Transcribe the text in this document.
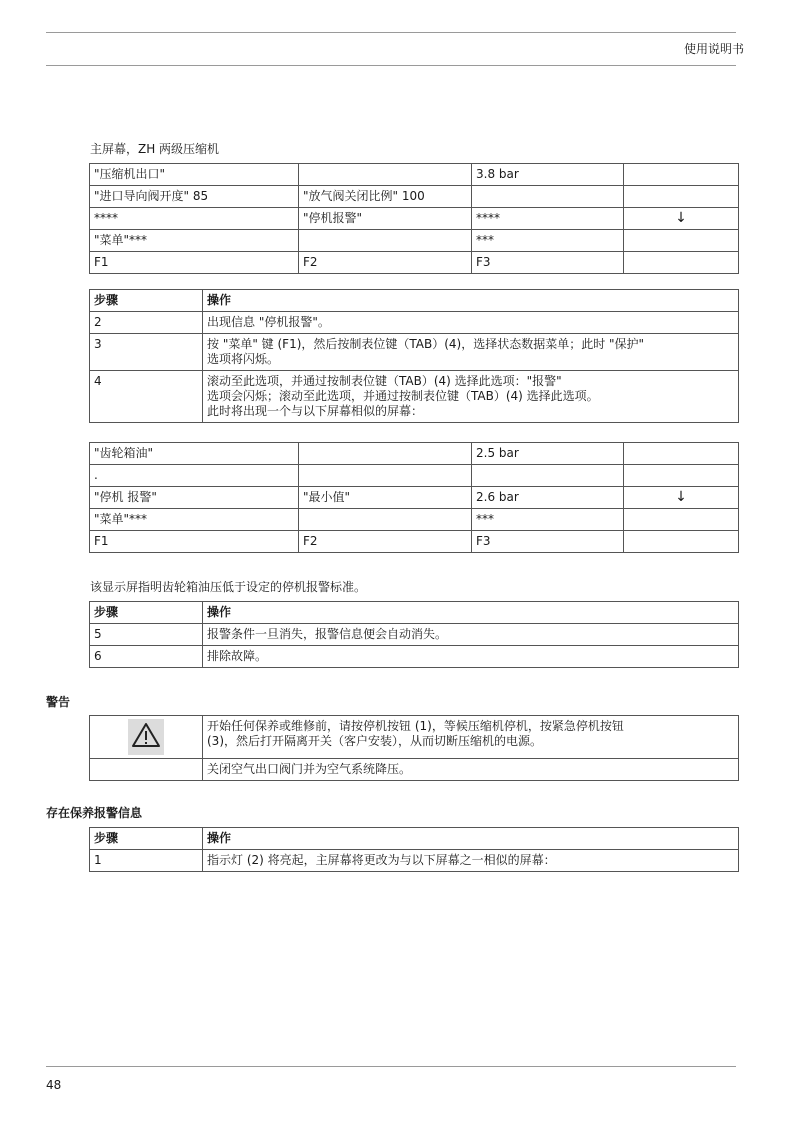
使用说明书
主屏幕，ZH 两级压缩机
"压缩机出口"		3.8 bar	
"进口导向阀开度" 85	"放气阀关闭比例" 100		
****	"停机报警"	****	↓

"菜单"***		***	
F1	F2	F3	
步骤	操作
2	出现信息 "停机报警"。

3	按 "菜单" 键 (F1)，然后按制表位键（TAB）(4)，选择状态数据菜单；此时 "保护"
选项将闪烁。

4	滚动至此选项，并通过按制表位键（TAB）(4) 选择此选项："报警"
选项会闪烁；滚动至此选项，并通过按制表位键（TAB）(4) 选择此选项。
此时将出现一个与以下屏幕相似的屏幕：
"齿轮箱油"		2.5 bar	
.			
"停机 报警"	"最小值"	2.6 bar	↓

"菜单"***		***	
F1	F2	F3	
该显示屏指明齿轮箱油压低于设定的停机报警标准。
步骤	操作
5	报警条件一旦消失，报警信息便会自动消失。
6	排除故障。
警告

开始任何保养或维修前，请按停机按钮 (1)，等候压缩机停机，按紧急停机按钮
(3)，然后打开隔离开关（客户安装），从而切断压缩机的电源。

	关闭空气出口阀门并为空气系统降压。
存在保养报警信息
步骤	操作
1	指示灯 (2) 将亮起，主屏幕将更改为与以下屏幕之一相似的屏幕：
48
